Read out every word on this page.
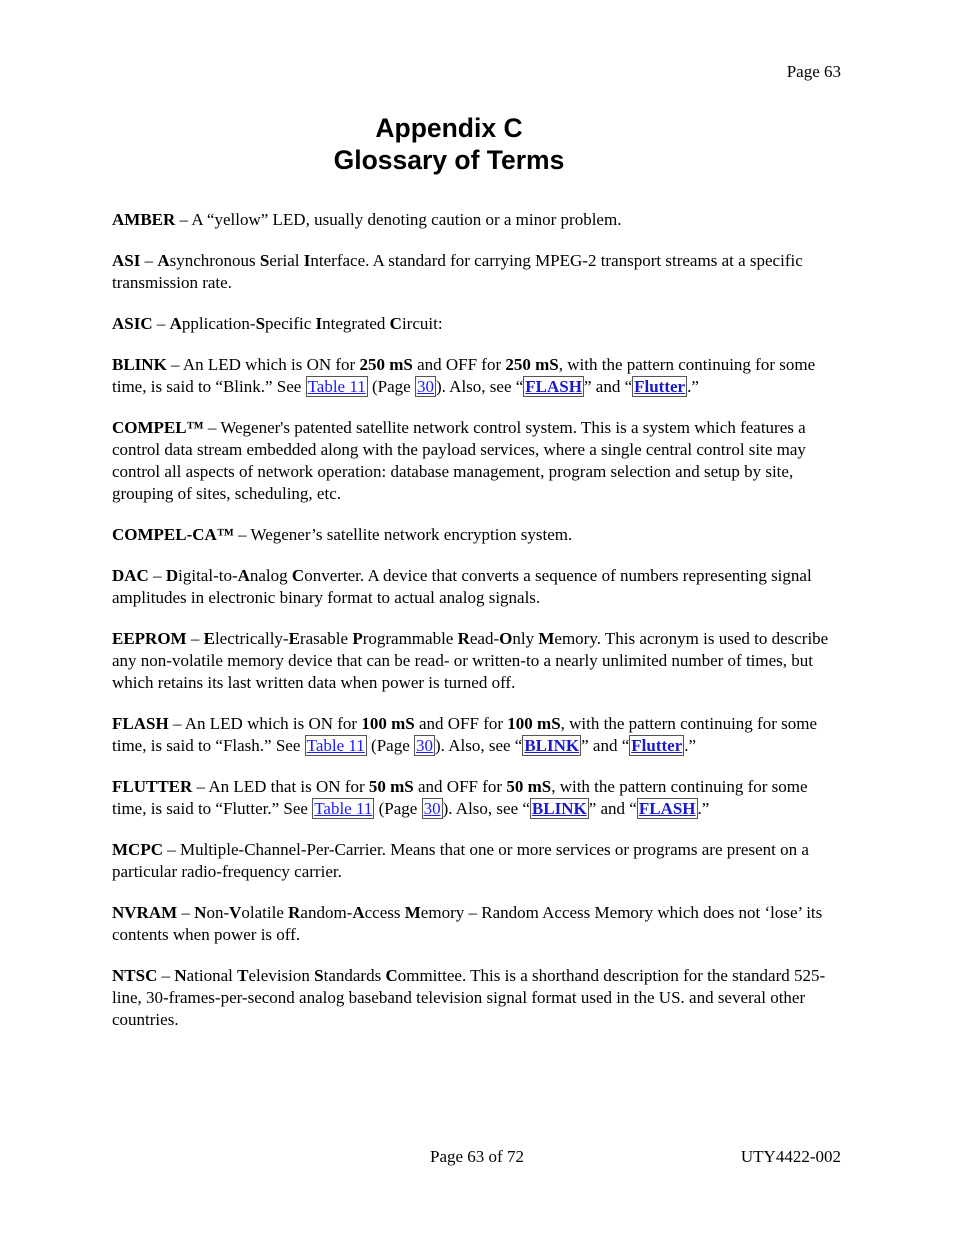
Page 63
Appendix C
Glossary of Terms

AMBER – A “yellow” LED, usually denoting caution or a minor problem.

ASI – Asynchronous Serial Interface. A standard for carrying MPEG-2 transport streams at a specific transmission rate.

ASIC – Application-Specific Integrated Circuit:

BLINK – An LED which is ON for 250 mS and OFF for 250 mS, with the pattern continuing for some time, is said to “Blink.” See Table 11 (Page 30 ). Also, see “ FLASH ” and “ Flutter .”

COMPEL™ – Wegener's patented satellite network control system. This is a system which features a control data stream embedded along with the payload services, where a single central control site may control all aspects of network operation: database management, program selection and setup by site, grouping of sites, scheduling, etc.

COMPEL-CA™ – Wegener’s satellite network encryption system.

DAC – Digital-to-Analog Converter. A device that converts a sequence of numbers representing signal amplitudes in electronic binary format to actual analog signals.

EEPROM – Electrically-Erasable Programmable Read-Only Memory. This acronym is used to describe any non-volatile memory device that can be read- or written-to a nearly unlimited number of times, but which retains its last written data when power is turned off.

FLASH – An LED which is ON for 100 mS and OFF for 100 mS, with the pattern continuing for some time, is said to “Flash.” See Table 11 (Page 30 ). Also, see “ BLINK ” and “ Flutter .”

FLUTTER – An LED that is ON for 50 mS and OFF for 50 mS, with the pattern continuing for some time, is said to “Flutter.” See Table 11 (Page 30 ). Also, see “ BLINK ” and “ FLASH .”

MCPC – Multiple-Channel-Per-Carrier. Means that one or more services or programs are present on a particular radio-frequency carrier.

NVRAM – Non-Volatile Random-Access Memory – Random Access Memory which does not ‘lose’ its contents when power is off.

NTSC – National Television Standards Committee. This is a shorthand description for the standard 525-line, 30-frames-per-second analog baseband television signal format used in the US. and several other countries.

Page 63 of 72	UTY4422-002
